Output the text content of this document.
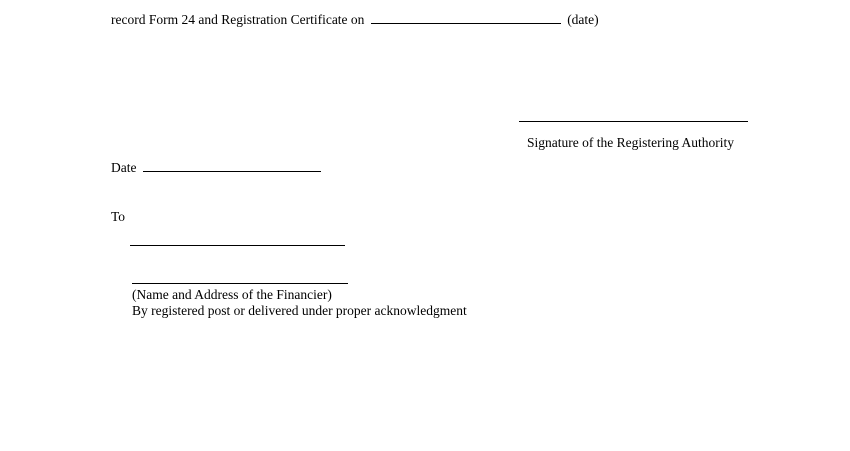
record Form 24 and Registration Certificate on	(date)
Signature of the Registering Authority
Date
To
(Name and Address of the Financier)
By registered post or delivered under proper acknowledgment
